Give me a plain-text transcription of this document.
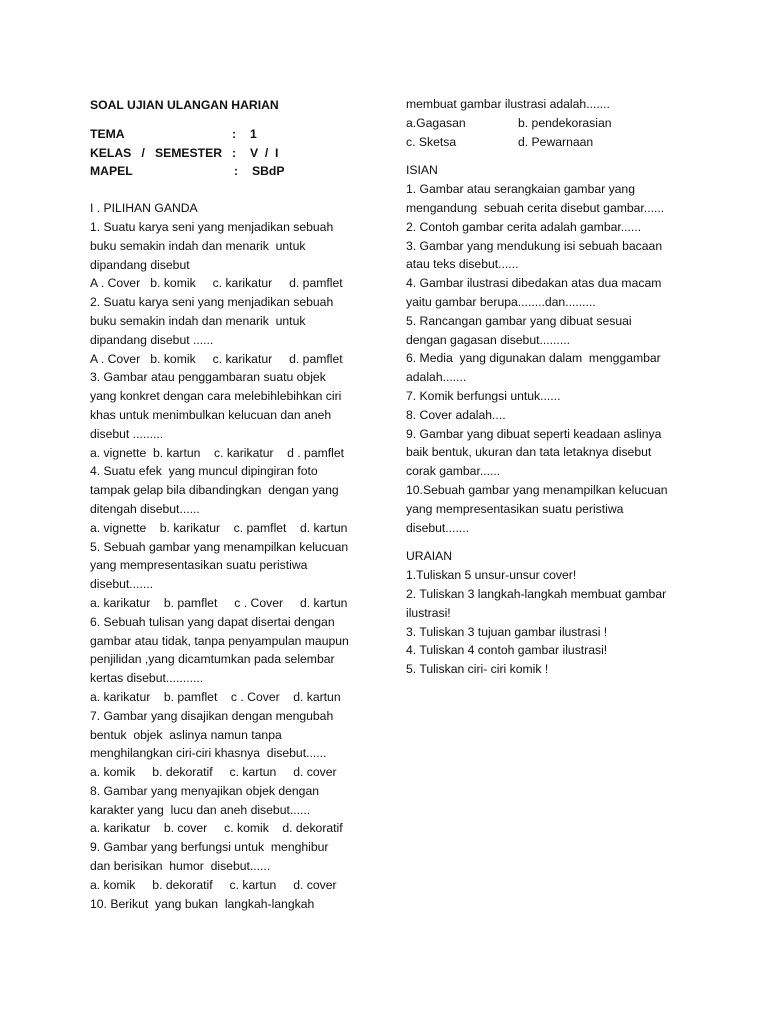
SOAL UJIAN ULANGAN HARIAN
TEMA	:	1
KELAS   /   SEMESTER :	V  /  I
MAPEL	:	SBdP
I . PILIHAN GANDA
1. Suatu karya seni yang menjadikan sebuah
buku semakin indah dan menarik  untuk
dipandang disebut
A . Cover   b. komik     c. karikatur     d. pamflet
2. Suatu karya seni yang menjadikan sebuah
buku semakin indah dan menarik  untuk
dipandang disebut ......
A . Cover   b. komik     c. karikatur     d. pamflet
3. Gambar atau penggambaran suatu objek
yang konkret dengan cara melebihlebihkan ciri
khas untuk menimbulkan kelucuan dan aneh
disebut .........
a. vignette  b. kartun    c. karikatur    d . pamflet
4. Suatu efek  yang muncul dipingiran foto
tampak gelap bila dibandingkan  dengan yang
ditengah disebut......
a. vignette    b. karikatur    c. pamflet    d. kartun
5. Sebuah gambar yang menampilkan kelucuan
yang mempresentasikan suatu peristiwa
disebut.......
a. karikatur    b. pamflet     c . Cover     d. kartun
6. Sebuah tulisan yang dapat disertai dengan
gambar atau tidak, tanpa penyampulan maupun
penjilidan ,yang dicamtumkan pada selembar
kertas disebut...........
a. karikatur    b. pamflet    c . Cover    d. kartun
7. Gambar yang disajikan dengan mengubah
bentuk  objek  aslinya namun tanpa
menghilangkan ciri-ciri khasnya  disebut......
a. komik     b. dekoratif     c. kartun     d. cover
8. Gambar yang menyajikan objek dengan
karakter yang  lucu dan aneh disebut......
a. karikatur    b. cover     c. komik    d. dekoratif
9. Gambar yang berfungsi untuk  menghibur
dan berisikan  humor  disebut......
a. komik     b. dekoratif     c. kartun     d. cover
10. Berikut  yang bukan  langkah-langkah
membuat gambar ilustrasi adalah.......
a.Gagasan	b. pendekorasian
c. Sketsa	d. Pewarnaan
ISIAN
1. Gambar atau serangkaian gambar yang
mengandung  sebuah cerita disebut gambar......
2. Contoh gambar cerita adalah gambar......
3. Gambar yang mendukung isi sebuah bacaan
atau teks disebut......
4. Gambar ilustrasi dibedakan atas dua macam
yaitu gambar berupa........dan.........
5. Rancangan gambar yang dibuat sesuai
dengan gagasan disebut.........
6. Media  yang digunakan dalam  menggambar
adalah.......
7. Komik berfungsi untuk......
8. Cover adalah....
9. Gambar yang dibuat seperti keadaan aslinya
baik bentuk, ukuran dan tata letaknya disebut
corak gambar......
10.Sebuah gambar yang menampilkan kelucuan
yang mempresentasikan suatu peristiwa
disebut.......
URAIAN
1.Tuliskan 5 unsur-unsur cover!
2. Tuliskan 3 langkah-langkah membuat gambar
ilustrasi!
3. Tuliskan 3 tujuan gambar ilustrasi !
4. Tuliskan 4 contoh gambar ilustrasi!
5. Tuliskan ciri- ciri komik !
